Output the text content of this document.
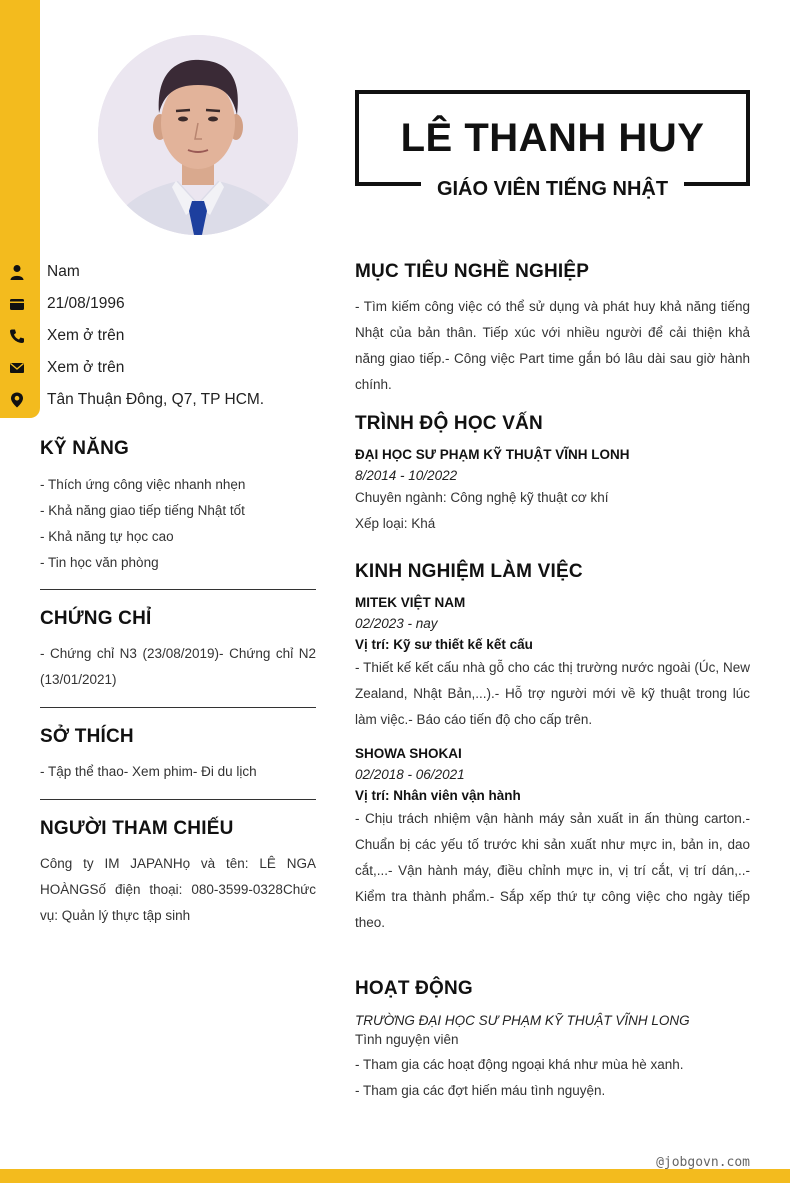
LÊ THANH HUY
GIÁO VIÊN TIẾNG NHẬT
Nam
21/08/1996
Xem ở trên
Xem ở trên
Tân Thuận Đông, Q7, TP HCM.
KỸ NĂNG
- Thích ứng công việc nhanh nhẹn
- Khả năng giao tiếp tiếng Nhật tốt
- Khả năng tự học cao
- Tin học văn phòng
CHỨNG CHỈ
- Chứng chỉ N3 (23/08/2019)- Chứng chỉ N2 (13/01/2021)
SỞ THÍCH
- Tập thể thao- Xem phim- Đi du lịch
NGƯỜI THAM CHIẾU
Công ty IM JAPANHọ và tên: LÊ NGA HOÀNGSố điện thoại: 080-3599-0328Chức vụ: Quản lý thực tập sinh
MỤC TIÊU NGHỀ NGHIỆP
- Tìm kiếm công việc có thể sử dụng và phát huy khả năng tiếng Nhật của bản thân. Tiếp xúc với nhiều người để cải thiện khả năng giao tiếp.- Công việc Part time gắn bó lâu dài sau giờ hành chính.
TRÌNH ĐỘ HỌC VẤN
ĐẠI HỌC SƯ PHẠM KỸ THUẬT VĨNH LONH
8/2014 - 10/2022
Chuyên ngành: Công nghệ kỹ thuật cơ khí
Xếp loại: Khá
KINH NGHIỆM LÀM VIỆC
MITEK VIỆT NAM
02/2023 - nay
Vị trí: Kỹ sư thiết kế kết cấu
- Thiết kế kết cấu nhà gỗ cho các thị trường nước ngoài (Úc, New Zealand, Nhật Bản,...).- Hỗ trợ người mới về kỹ thuật trong lúc làm việc.- Báo cáo tiến độ cho cấp trên.
SHOWA SHOKAI
02/2018 - 06/2021
Vị trí: Nhân viên vận hành
- Chịu trách nhiệm vận hành máy sản xuất in ấn thùng carton.- Chuẩn bị các yếu tố trước khi sản xuất như mực in, bản in, dao cắt,...- Vận hành máy, điều chỉnh mực in, vị trí cắt, vị trí dán,..- Kiểm tra thành phẩm.- Sắp xếp thứ tự công việc cho ngày tiếp theo.
HOẠT ĐỘNG
TRƯỜNG ĐẠI HỌC SƯ PHẠM KỸ THUẬT VĨNH LONG
Tình nguyện viên
- Tham gia các hoạt động ngoại khá như mùa hè xanh.
- Tham gia các đợt hiến máu tình nguyện.
@jobgovn.com
